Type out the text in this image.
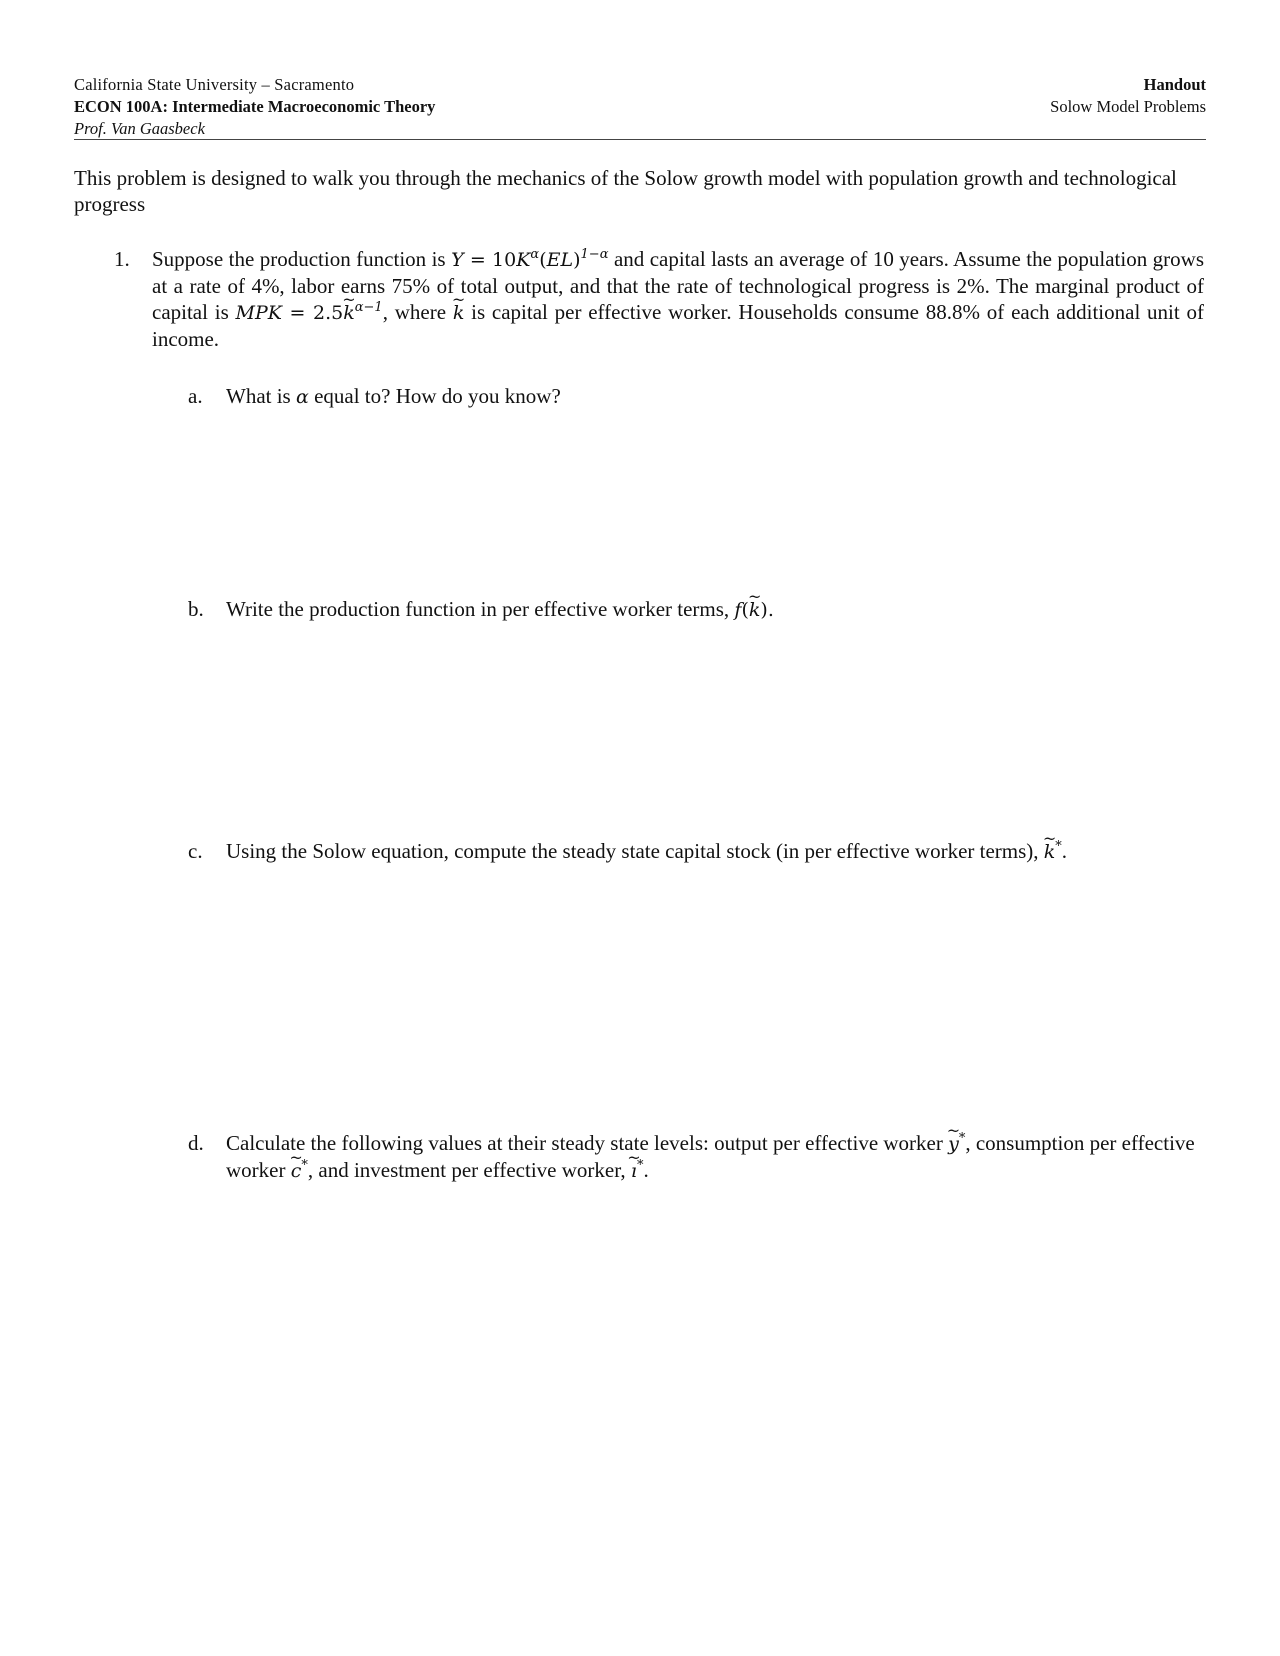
California State University – Sacramento
ECON 100A: Intermediate Macroeconomic Theory
Prof. Van Gaasbeck
Handout
Solow Model Problems
This problem is designed to walk you through the mechanics of the Solow growth model with population growth and technological progress
1. Suppose the production function is $Y = 10K^\alpha(EL)^{1-\alpha}$ and capital lasts an average of 10 years. Assume the population grows at a rate of 4%, labor earns 75% of total output, and that the rate of technological progress is 2%. The marginal product of capital is MPK = 2.5~ $k^{\alpha-1}$, where ~ k is capital per effective worker. Households consume 88.8% of each additional unit of income.
a. What is α equal to? How do you know?
b. Write the production function in per effective worker terms, f(~ k).
c. Using the Solow equation, compute the steady state capital stock (in per effective worker terms), ~ k*.
d. Calculate the following values at their steady state levels: output per effective worker ~ y*, consumption per effective worker ~ c*, and investment per effective worker, ~ ı*.
